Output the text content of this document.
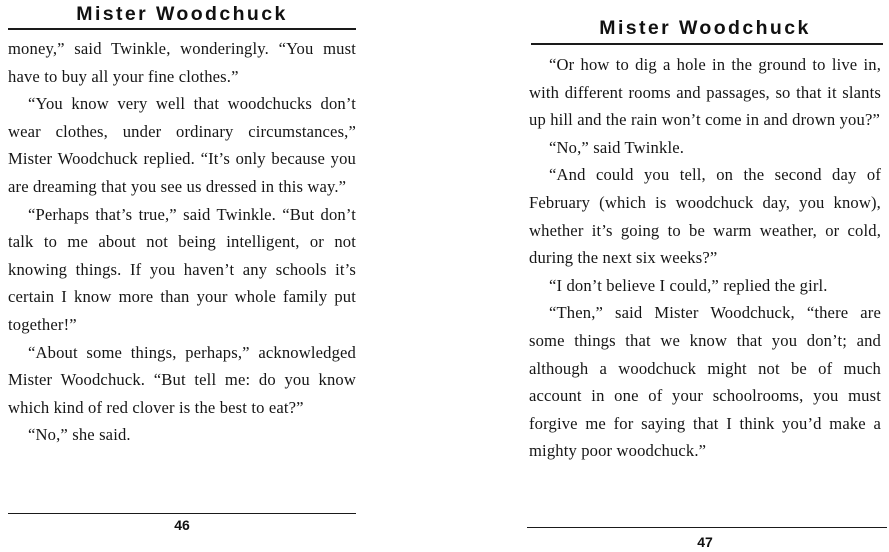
Mister Woodchuck

money,” said Twinkle, wonderingly. “You must have to buy all your fine clothes.”

“You know very well that woodchucks don’t wear clothes, under ordinary circumstances,” Mister Woodchuck replied. “It’s only because you are dreaming that you see us dressed in this way.”

“Perhaps that’s true,” said Twinkle. “But don’t talk to me about not being intelligent, or not knowing things. If you haven’t any schools it’s certain I know more than your whole family put together!”

“About some things, perhaps,” acknowledged Mister Woodchuck. “But tell me: do you know which kind of red clover is the best to eat?”

“No,” she said.

46
Mister Woodchuck

“Or how to dig a hole in the ground to live in, with different rooms and passages, so that it slants up hill and the rain won’t come in and drown you?”

“No,” said Twinkle.

“And could you tell, on the second day of February (which is woodchuck day, you know), whether it’s going to be warm weather, or cold, during the next six weeks?”

“I don’t believe I could,” replied the girl.

“Then,” said Mister Woodchuck, “there are some things that we know that you don’t; and although a woodchuck might not be of much account in one of your schoolrooms, you must forgive me for saying that I think you’d make a mighty poor woodchuck.”

47
